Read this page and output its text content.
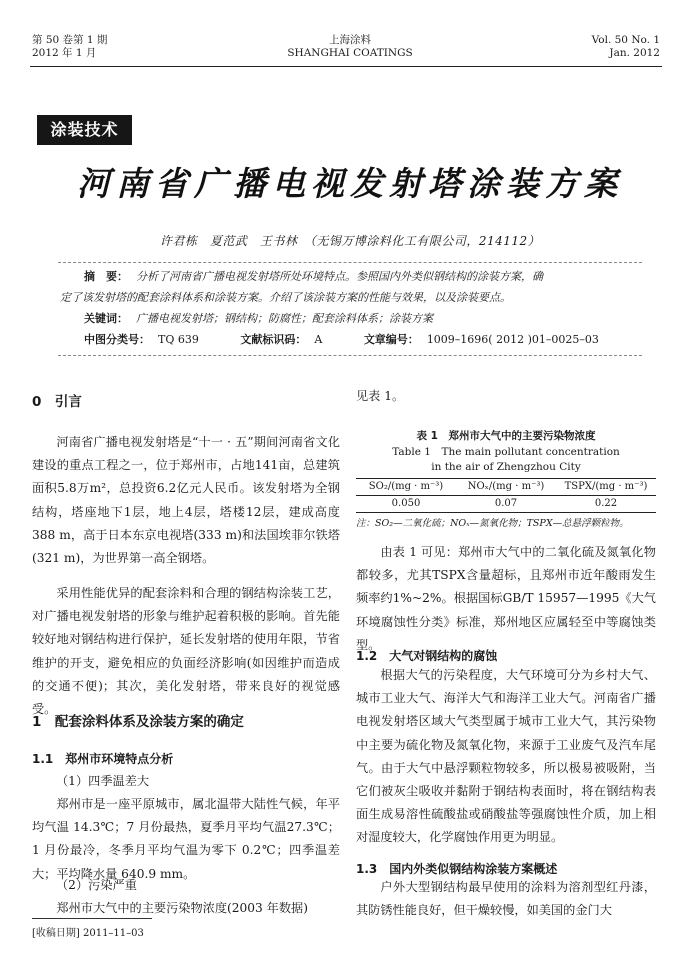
第 50 卷第 1 期
2012 年 1 月
上海涂料
SHANGHAI COATINGS
Vol. 50 No. 1
Jan. 2012
涂装技术
河南省广播电视发射塔涂装方案
许君栋　夏范武　王书林　（无锡万博涂料化工有限公司，214112）
摘　要： 分析了河南省广播电视发射塔所处环境特点。参照国内外类似钢结构的涂装方案，确
定了该发射塔的配套涂料体系和涂装方案。介绍了该涂装方案的性能与效果，以及涂装要点。
关键词： 广播电视发射塔；钢结构；防腐性；配套涂料体系；涂装方案
中图分类号： TQ 639	文献标识码： A	文章编号： 1009–1696( 2012 )01–0025–03
0　引言
河南省广播电视发射塔是“十一 · 五”期间河南省文化建设的重点工程之一，位于郑州市，占地141亩，总建筑面积5.8万m²，总投资6.2亿元人民币。该发射塔为全钢结构，塔座地下1层，地上4层，塔楼12层，建成高度388 m，高于日本东京电视塔(333 m)和法国埃菲尔铁塔(321 m)，为世界第一高全钢塔。
采用性能优异的配套涂料和合理的钢结构涂装工艺，对广播电视发射塔的形象与维护起着积极的影响。首先能较好地对钢结构进行保护，延长发射塔的使用年限，节省维护的开支，避免相应的负面经济影响(如因维护而造成的交通不便)；其次，美化发射塔，带来良好的视觉感受。
1　配套涂料体系及涂装方案的确定
1.1　郑州市环境特点分析
（1）四季温差大
郑州市是一座平原城市，属北温带大陆性气候，年平均气温 14.3℃；7 月份最热，夏季月平均气温27.3℃；1 月份最冷，冬季月平均气温为零下 0.2℃；四季温差大；平均降水量 640.9 mm。
（2）污染严重
郑州市大气中的主要污染物浓度(2003 年数据)
见表 1。
表 1　郑州市大气中的主要污染物浓度
Table 1　The main pollutant concentration
in the air of Zhengzhou City
SO₂/(mg · m⁻³)	NOₓ/(mg · m⁻³)	TSPX/(mg · m⁻³)
0.050	0.07	0.22
注：SO₂—二氧化硫；NOₓ—氮氧化物；TSPX—总悬浮颗粒物。
由表 1 可见：郑州市大气中的二氧化硫及氮氧化物都较多，尤其TSPX含量超标，且郑州市近年酸雨发生频率约1%~2%。根据国标GB/T 15957—1995《大气环境腐蚀性分类》标准，郑州地区应属轻至中等腐蚀类型。
1.2　大气对钢结构的腐蚀
根据大气的污染程度，大气环境可分为乡村大气、城市工业大气、海洋大气和海洋工业大气。河南省广播电视发射塔区域大气类型属于城市工业大气，其污染物中主要为硫化物及氮氧化物，来源于工业废气及汽车尾气。由于大气中悬浮颗粒物较多，所以极易被吸附，当它们被灰尘吸收并黏附于钢结构表面时，将在钢结构表面生成易溶性硫酸盐或硝酸盐等强腐蚀性介质，加上相对湿度较大，化学腐蚀作用更为明显。
1.3　国内外类似钢结构涂装方案概述
户外大型钢结构最早使用的涂料为溶剂型红丹漆，其防锈性能良好，但干燥较慢，如美国的金门大
[收稿日期] 2011–11–03
